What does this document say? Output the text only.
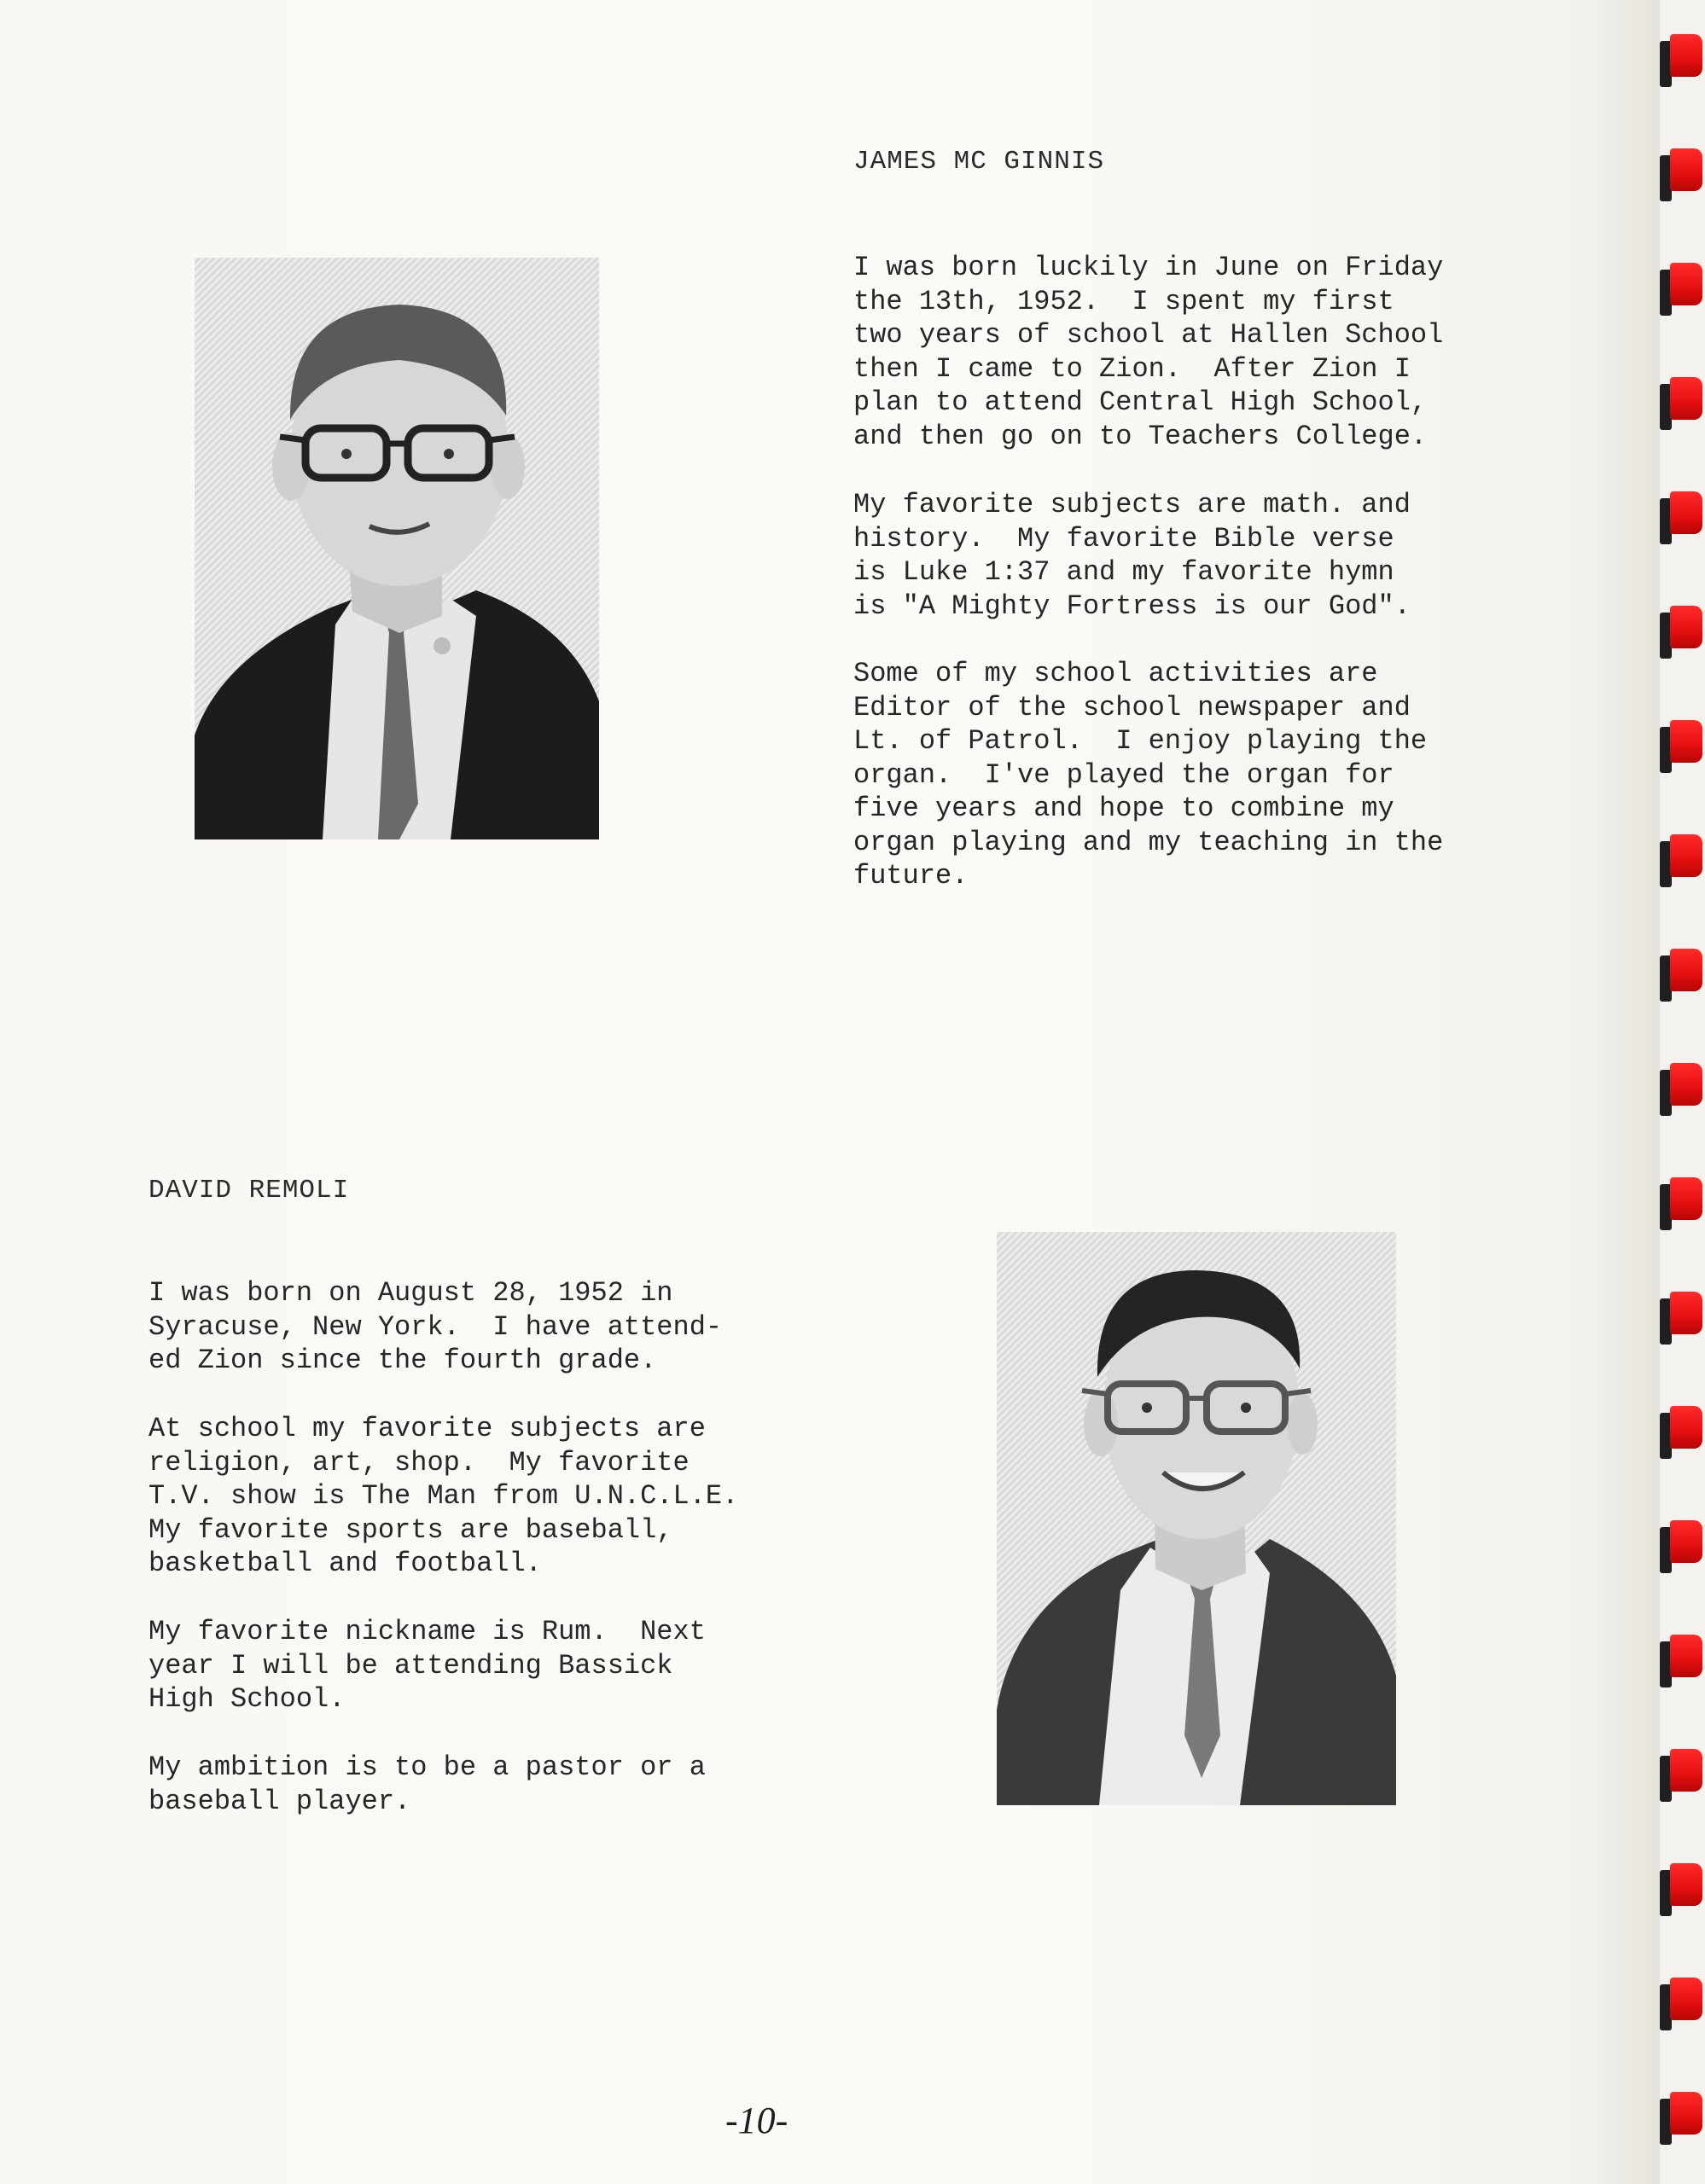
JAMES MC GINNIS

I was born luckily in June on Friday
the 13th, 1952.  I spent my first
two years of school at Hallen School
then I came to Zion.  After Zion I
plan to attend Central High School,
and then go on to Teachers College.

My favorite subjects are math. and
history.  My favorite Bible verse
is Luke 1:37 and my favorite hymn
is "A Mighty Fortress is our God".

Some of my school activities are
Editor of the school newspaper and
Lt. of Patrol.  I enjoy playing the
organ.  I've played the organ for
five years and hope to combine my
organ playing and my teaching in the
future.

DAVID REMOLI

I was born on August 28, 1952 in
Syracuse, New York.  I have attend-
ed Zion since the fourth grade.

At school my favorite subjects are
religion, art, shop.  My favorite
T.V. show is The Man from U.N.C.L.E.
My favorite sports are baseball,
basketball and football.

My favorite nickname is Rum.  Next
year I will be attending Bassick
High School.

My ambition is to be a pastor or a
baseball player.

-10-
